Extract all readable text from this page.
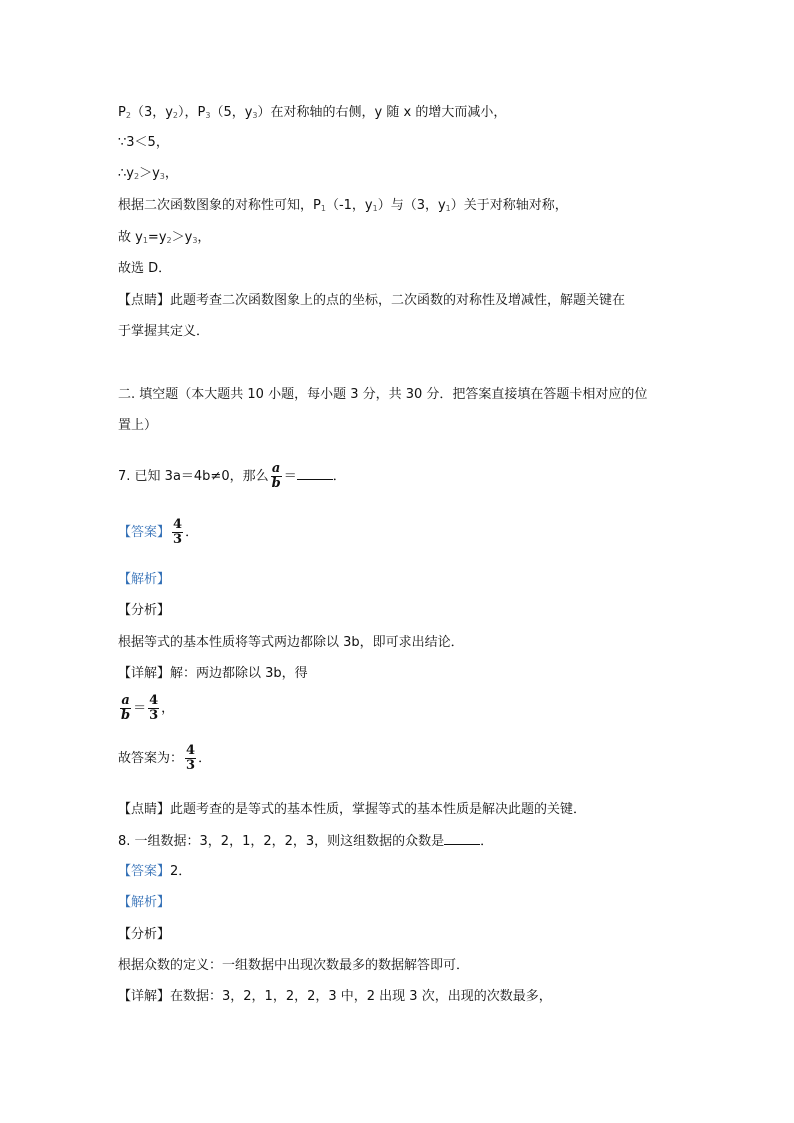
$P_2(3$，$y_2$），$P_3(5$，$y_3$）在对称轴的右侧，y 随 x 的增大而减小，
∵3＜5，
$\therefore y_2>y_3$，
根据二次函数图象的对称性可知，$P_1(-1$，$y_1$）与（3，$y_1$）关于对称轴对称，
故 $y_1=y_2>y_3$，
故选 D．
【点睛】此题考查二次函数图象上的点的坐标，二次函数的对称性及增减性，解题关键在
于掌握其定义．
二. 填空题（本大题共 10 小题，每小题 3 分，共 30 分．把答案直接填在答题卡相对应的位
置上）
7. 已知 3a＝4b≠0，那么 $\frac{a}{b}$ ＝	．
【答案】 $\frac{4}{3}$ ．
【解析】
【分析】
根据等式的基本性质将等式两边都除以 3b，即可求出结论．
【详解】解：两边都除以 3b，得
$\frac{a}{b} = \frac{4}{3}$ ，
故答案为： $\frac{4}{3}$ ．
【点睛】此题考查的是等式的基本性质，掌握等式的基本性质是解决此题的关键．
8. 一组数据：3，2，1，2，2，3，则这组数据的众数是	．
【答案】2．
【解析】
【分析】
根据众数的定义：一组数据中出现次数最多的数据解答即可．
【详解】在数据：3，2，1，2，2，3 中，2 出现 3 次，出现的次数最多，
